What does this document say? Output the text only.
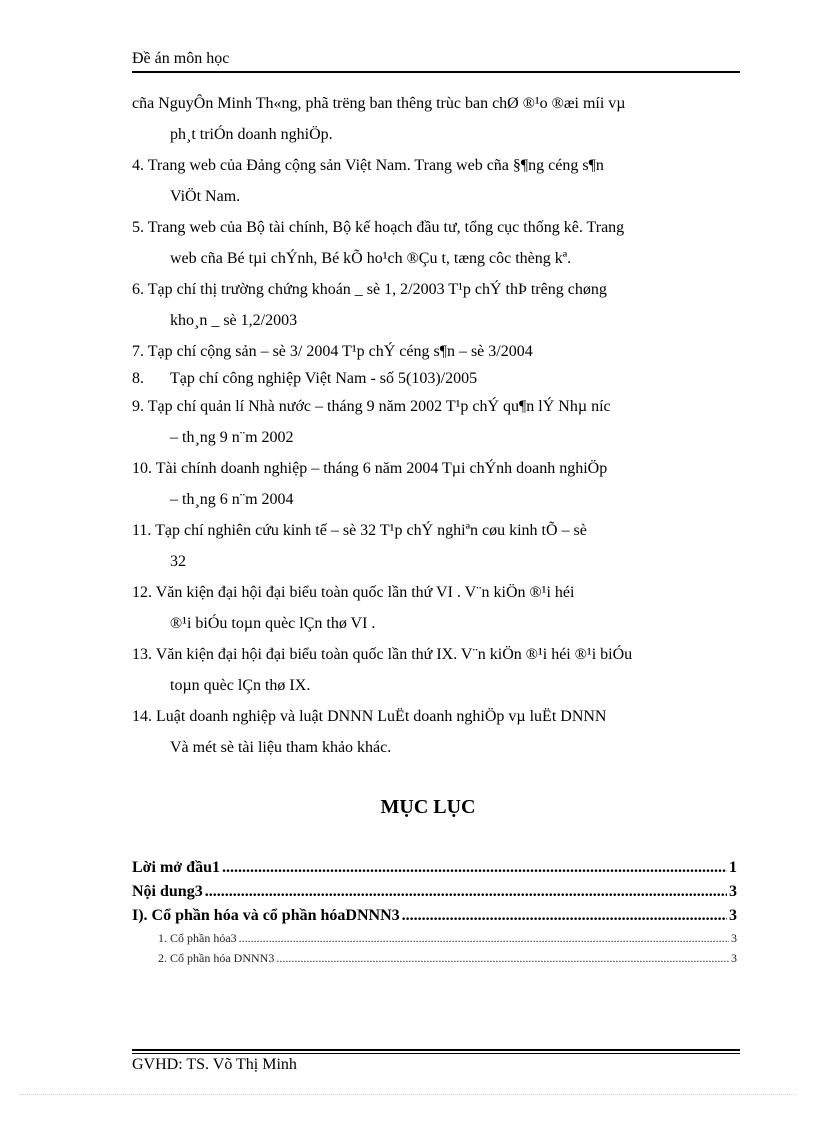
Đề án môn học

cña NguyÔn Minh Th«ng, phã trëng ban thêng trùc ban chØ ®¹o ®æi míi vµ
ph¸t triÓn doanh nghiÖp.

4. Trang web của Đảng cộng sản Việt Nam. Trang web cña §¶ng céng s¶n
ViÖt Nam.

5. Trang web của Bộ tài chính, Bộ kế hoạch đầu tư, tổng cục thống kê. Trang
web cña Bé tµi chÝnh, Bé kÕ ho¹ch ®Çu t, tæng côc thèng kª.

6. Tạp chí thị trường chứng khoán _ sè 1, 2/2003 T¹p chÝ thÞ trêng chøng
kho¸n _ sè 1,2/2003

7. Tạp chí cộng sản – sè 3/ 2004 T¹p chÝ céng s¶n – sè 3/2004

8. Tạp chí công nghiệp Việt Nam - số 5(103)/2005

9. Tạp chí quản lí Nhà nước – tháng 9 năm 2002 T¹p chÝ qu¶n lÝ Nhµ níc
– th¸ng 9 n¨m 2002

10. Tài chính doanh nghiệp – tháng 6 năm 2004 Tµi chÝnh doanh nghiÖp
– th¸ng 6 n¨m 2004

11. Tạp chí nghiên cứu kinh tế – sè 32 T¹p chÝ nghiªn cøu kinh tÕ – sè
32

12. Văn kiện đại hội đại biểu toàn quốc lần thứ VI . V¨n kiÖn ®¹i héi
®¹i biÓu toµn quèc lÇn thø VI .

13. Văn kiện đại hội đại biểu toàn quốc lần thứ IX. V¨n kiÖn ®¹i héi ®¹i biÓu
toµn quèc lÇn thø IX.

14. Luật doanh nghiệp và luật DNNN LuËt doanh nghiÖp vµ luËt DNNN
Và mét sè tài liệu tham khảo khác.

MỤC LỤC
Lời mở đầu1 .....	1
Nội dung3 .....	3
I). Cổ phần hóa và cổ phần hóaDNNN3 .....	3
1. Cổ phần hóa3 .....	3
2. Cổ phần hóa DNNN3 .....	3
GVHD: TS. Võ Thị Minh
